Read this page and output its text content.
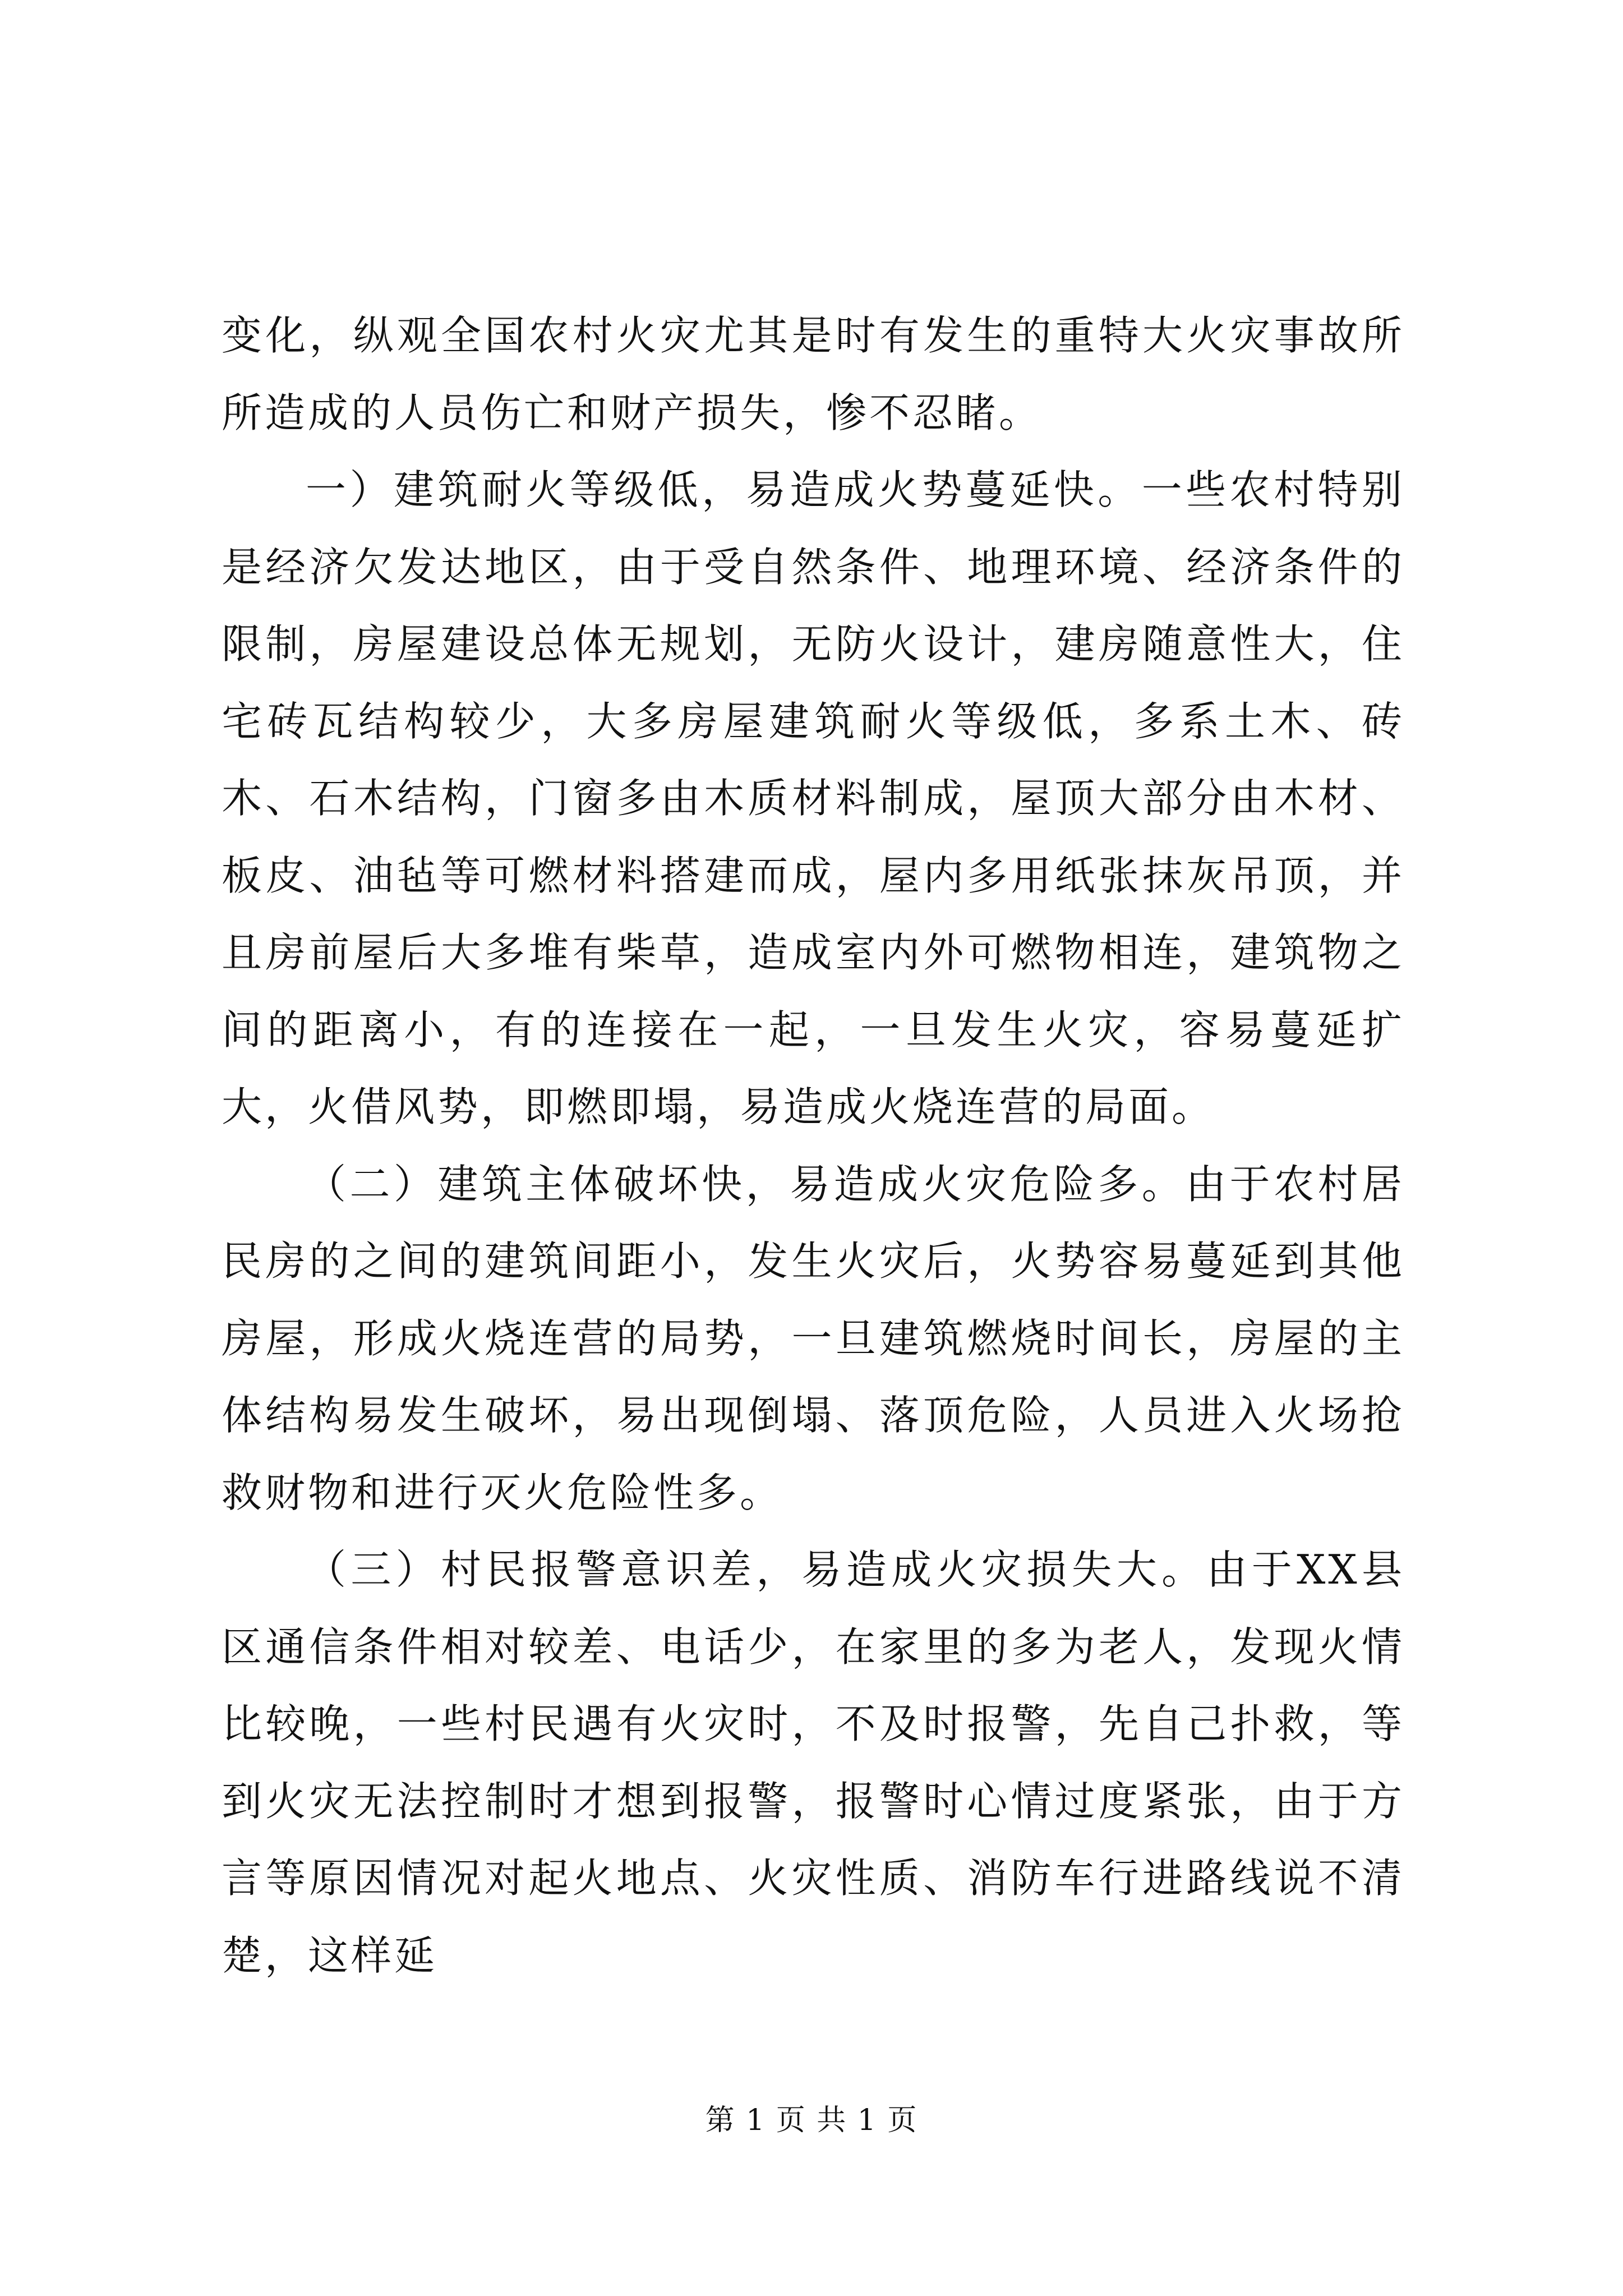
变化，纵观全国农村火灾尤其是时有发生的重特大火灾事故所所造成的人员伤亡和财产损失，惨不忍睹。

一）建筑耐火等级低，易造成火势蔓延快。一些农村特别是经济欠发达地区，由于受自然条件、地理环境、经济条件的限制，房屋建设总体无规划，无防火设计，建房随意性大，住宅砖瓦结构较少，大多房屋建筑耐火等级低，多系土木、砖木、石木结构，门窗多由木质材料制成，屋顶大部分由木材、板皮、油毡等可燃材料搭建而成，屋内多用纸张抹灰吊顶，并且房前屋后大多堆有柴草，造成室内外可燃物相连，建筑物之间的距离小，有的连接在一起，一旦发生火灾，容易蔓延扩大，火借风势，即燃即塌，易造成火烧连营的局面。

（二）建筑主体破坏快，易造成火灾危险多。由于农村居民房的之间的建筑间距小，发生火灾后，火势容易蔓延到其他房屋，形成火烧连营的局势，一旦建筑燃烧时间长，房屋的主体结构易发生破坏，易出现倒塌、落顶危险，人员进入火场抢救财物和进行灭火危险性多。

（三）村民报警意识差，易造成火灾损失大。由于XX县区通信条件相对较差、电话少，在家里的多为老人，发现火情比较晚，一些村民遇有火灾时，不及时报警，先自己扑救，等到火灾无法控制时才想到报警，报警时心情过度紧张，由于方言等原因情况对起火地点、火灾性质、消防车行进路线说不清楚，这样延

第 1 页 共 1 页
